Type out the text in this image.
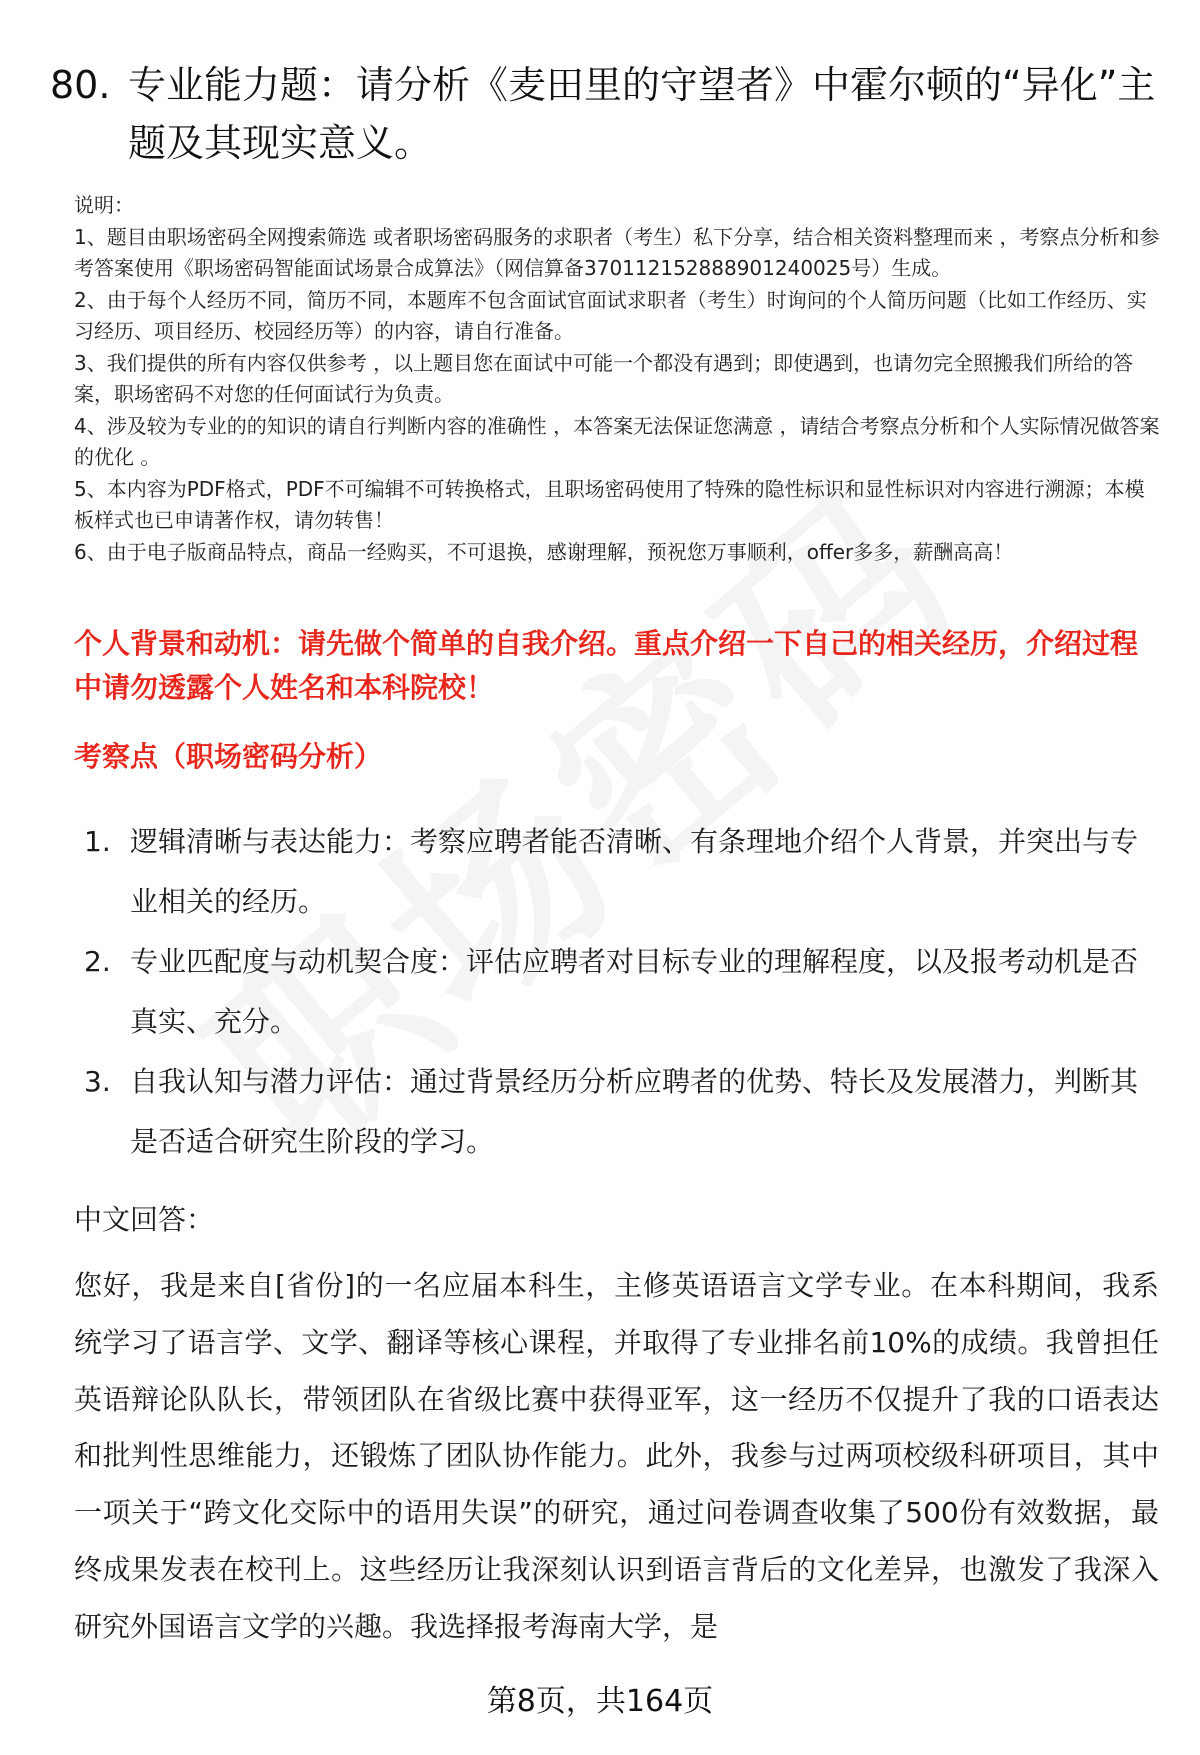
80. 专业能力题：请分析《麦田里的守望者》中霍尔顿的“异化”主题及其现实意义。

说明：

1、题目由职场密码全网搜索筛选 或者职场密码服务的求职者（考生）私下分享，结合相关资料整理而来 ，考察点分析和参考答案使用《职场密码智能面试场景合成算法》（网信算备370112152888901240025号）生成。

2、由于每个人经历不同，简历不同，本题库不包含面试官面试求职者（考生）时询问的个人简历问题（比如工作经历、实习经历、项目经历、校园经历等）的内容，请自行准备。

3、我们提供的所有内容仅供参考 ，以上题目您在面试中可能一个都没有遇到；即使遇到，也请勿完全照搬我们所给的答案，职场密码不对您的任何面试行为负责。

4、涉及较为专业的的知识的请自行判断内容的准确性 ，本答案无法保证您满意 ，请结合考察点分析和个人实际情况做答案的优化 。

5、本内容为PDF格式，PDF不可编辑不可转换格式，且职场密码使用了特殊的隐性标识和显性标识对内容进行溯源；本模板样式也已申请著作权，请勿转售！

6、由于电子版商品特点，商品一经购买，不可退换，感谢理解，预祝您万事顺利，offer多多，薪酬高高！

个人背景和动机：请先做个简单的自我介绍。重点介绍一下自己的相关经历，介绍过程中请勿透露个人姓名和本科院校！
考察点（职场密码分析）
1. 逻辑清晰与表达能力：考察应聘者能否清晰、有条理地介绍个人背景，并突出与专业相关的经历。
2. 专业匹配度与动机契合度：评估应聘者对目标专业的理解程度，以及报考动机是否真实、充分。
3. 自我认知与潜力评估：通过背景经历分析应聘者的优势、特长及发展潜力，判断其是否适合研究生阶段的学习。
中文回答：

您好，我是来自[省份]的一名应届本科生，主修英语语言文学专业。在本科期间，我系统学习了语言学、文学、翻译等核心课程，并取得了专业排名前10%的成绩。我曾担任英语辩论队队长，带领团队在省级比赛中获得亚军，这一经历不仅提升了我的口语表达和批判性思维能力，还锻炼了团队协作能力。此外，我参与过两项校级科研项目，其中一项关于“跨文化交际中的语用失误”的研究，通过问卷调查收集了500份有效数据，最终成果发表在校刊上。这些经历让我深刻认识到语言背后的文化差异，也激发了我深入研究外国语言文学的兴趣。我选择报考海南大学，是

第8页，共164页
